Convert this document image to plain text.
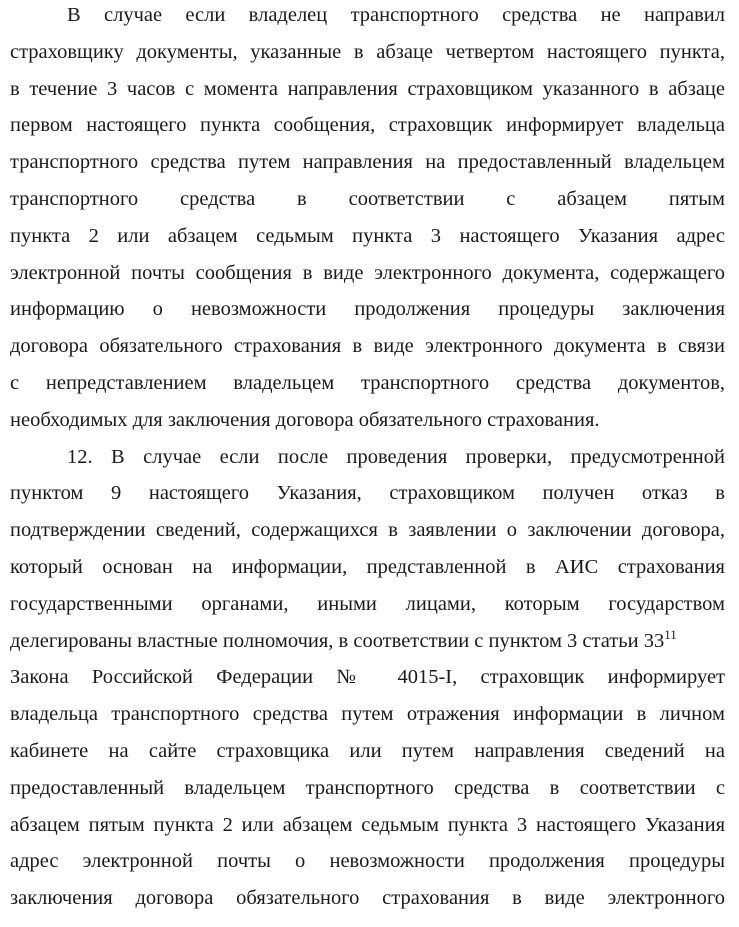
В случае если владелец транспортного средства не направил
страховщику документы, указанные в абзаце четвертом настоящего пункта,
в течение 3 часов с момента направления страховщиком указанного в абзаце
первом настоящего пункта сообщения, страховщик информирует владельца
транспортного средства путем направления на предоставленный владельцем
транспортного средства в соответствии с абзацем пятым
пункта 2 или абзацем седьмым пункта 3 настоящего Указания адрес
электронной почты сообщения в виде электронного документа, содержащего
информацию о невозможности продолжения процедуры заключения
договора обязательного страхования в виде электронного документа в связи
с непредставлением владельцем транспортного средства документов,
необходимых для заключения договора обязательного страхования.
12. В случае если после проведения проверки, предусмотренной
пунктом 9 настоящего Указания, страховщиком получен отказ в
подтверждении сведений, содержащихся в заявлении о заключении договора,
который основан на информации, представленной в АИС страхования
государственными органами, иными лицами, которым государством
делегированы властные полномочия, в соответствии с пунктом 3 статьи $33^{11}$
Закона Российской Федерации № 4015-I, страховщик информирует
владельца транспортного средства путем отражения информации в личном
кабинете на сайте страховщика или путем направления сведений на
предоставленный владельцем транспортного средства в соответствии с
абзацем пятым пункта 2 или абзацем седьмым пункта 3 настоящего Указания
адрес электронной почты о невозможности продолжения процедуры
заключения договора обязательного страхования в виде электронного
